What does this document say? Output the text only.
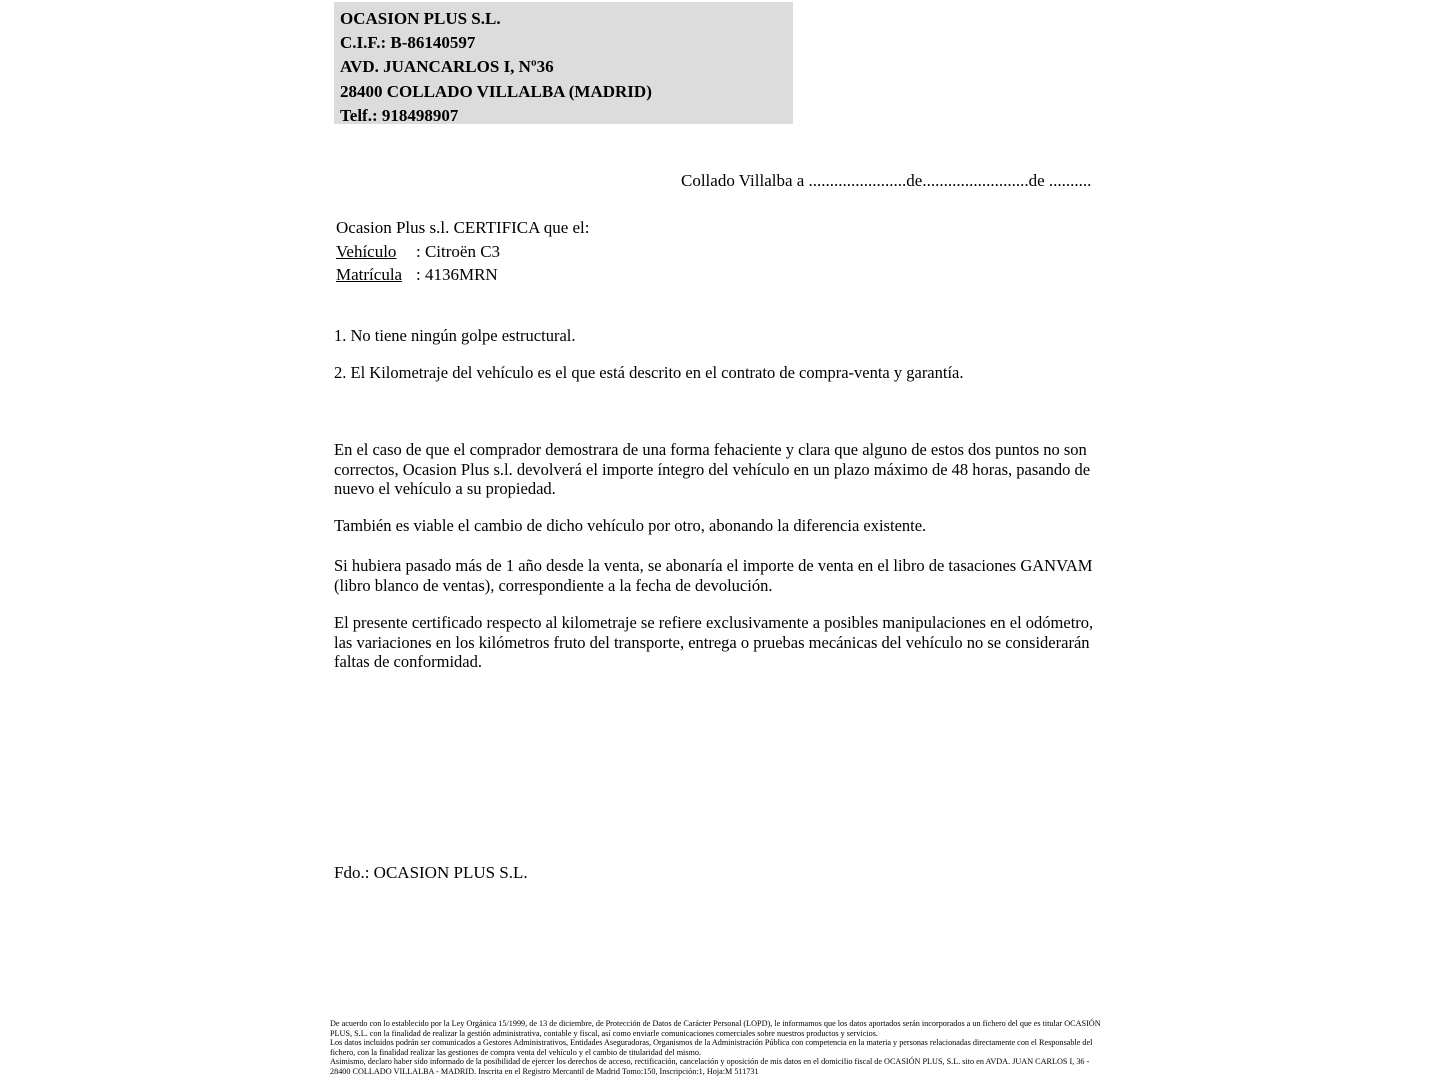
OCASION PLUS S.L.
C.I.F.: B-86140597
AVD. JUANCARLOS I, Nº36
28400 COLLADO VILLALBA (MADRID)
Telf.: 918498907
Collado Villalba a .......................de.........................de ..........
Ocasion Plus s.l. CERTIFICA que el:
Vehículo : Citroën C3
Matrícula : 4136MRN

1. No tiene ningún golpe estructural.

2. El Kilometraje del vehículo es el que está descrito en el contrato de compra-venta y garantía.

En el caso de que el comprador demostrara de una forma fehaciente y clara que alguno de estos dos puntos no son correctos, Ocasion Plus s.l. devolverá el importe íntegro del vehículo en un plazo máximo de 48 horas, pasando de nuevo el vehículo a su propiedad.

También es viable el cambio de dicho vehículo por otro, abonando la diferencia existente.

Si hubiera pasado más de 1 año desde la venta, se abonaría el importe de venta en el libro de tasaciones GANVAM (libro blanco de ventas), correspondiente a la fecha de devolución.

El presente certificado respecto al kilometraje se refiere exclusivamente a posibles manipulaciones en el odómetro, las variaciones en los kilómetros fruto del transporte, entrega o pruebas mecánicas del vehículo no se considerarán faltas de conformidad.

Fdo.: OCASION PLUS S.L.

De acuerdo con lo establecido por la Ley Orgánica 15/1999, de 13 de diciembre, de Protección de Datos de Carácter Personal (LOPD), le informamos que los datos aportados serán incorporados a un fichero del que es titular OCASIÓN PLUS, S.L. con la finalidad de realizar la gestión administrativa, contable y fiscal, así como enviarle comunicaciones comerciales sobre nuestros productos y servicios.

Los datos incluidos podrán ser comunicados a Gestores Administrativos, Entidades Aseguradoras, Organismos de la Administración Pública con competencia en la materia y personas relacionadas directamente con el Responsable del fichero, con la finalidad realizar las gestiones de compra venta del vehículo y el cambio de titularidad del mismo.

Asimismo, declaro haber sido informado de la posibilidad de ejercer los derechos de acceso, rectificación, cancelación y oposición de mis datos en el domicilio fiscal de OCASIÓN PLUS, S.L. sito en AVDA. JUAN CARLOS I, 36 - 28400 COLLADO VILLALBA - MADRID. Inscrita en el Registro Mercantil de Madrid Tomo:150, Inscripción:1, Hoja:M 511731
